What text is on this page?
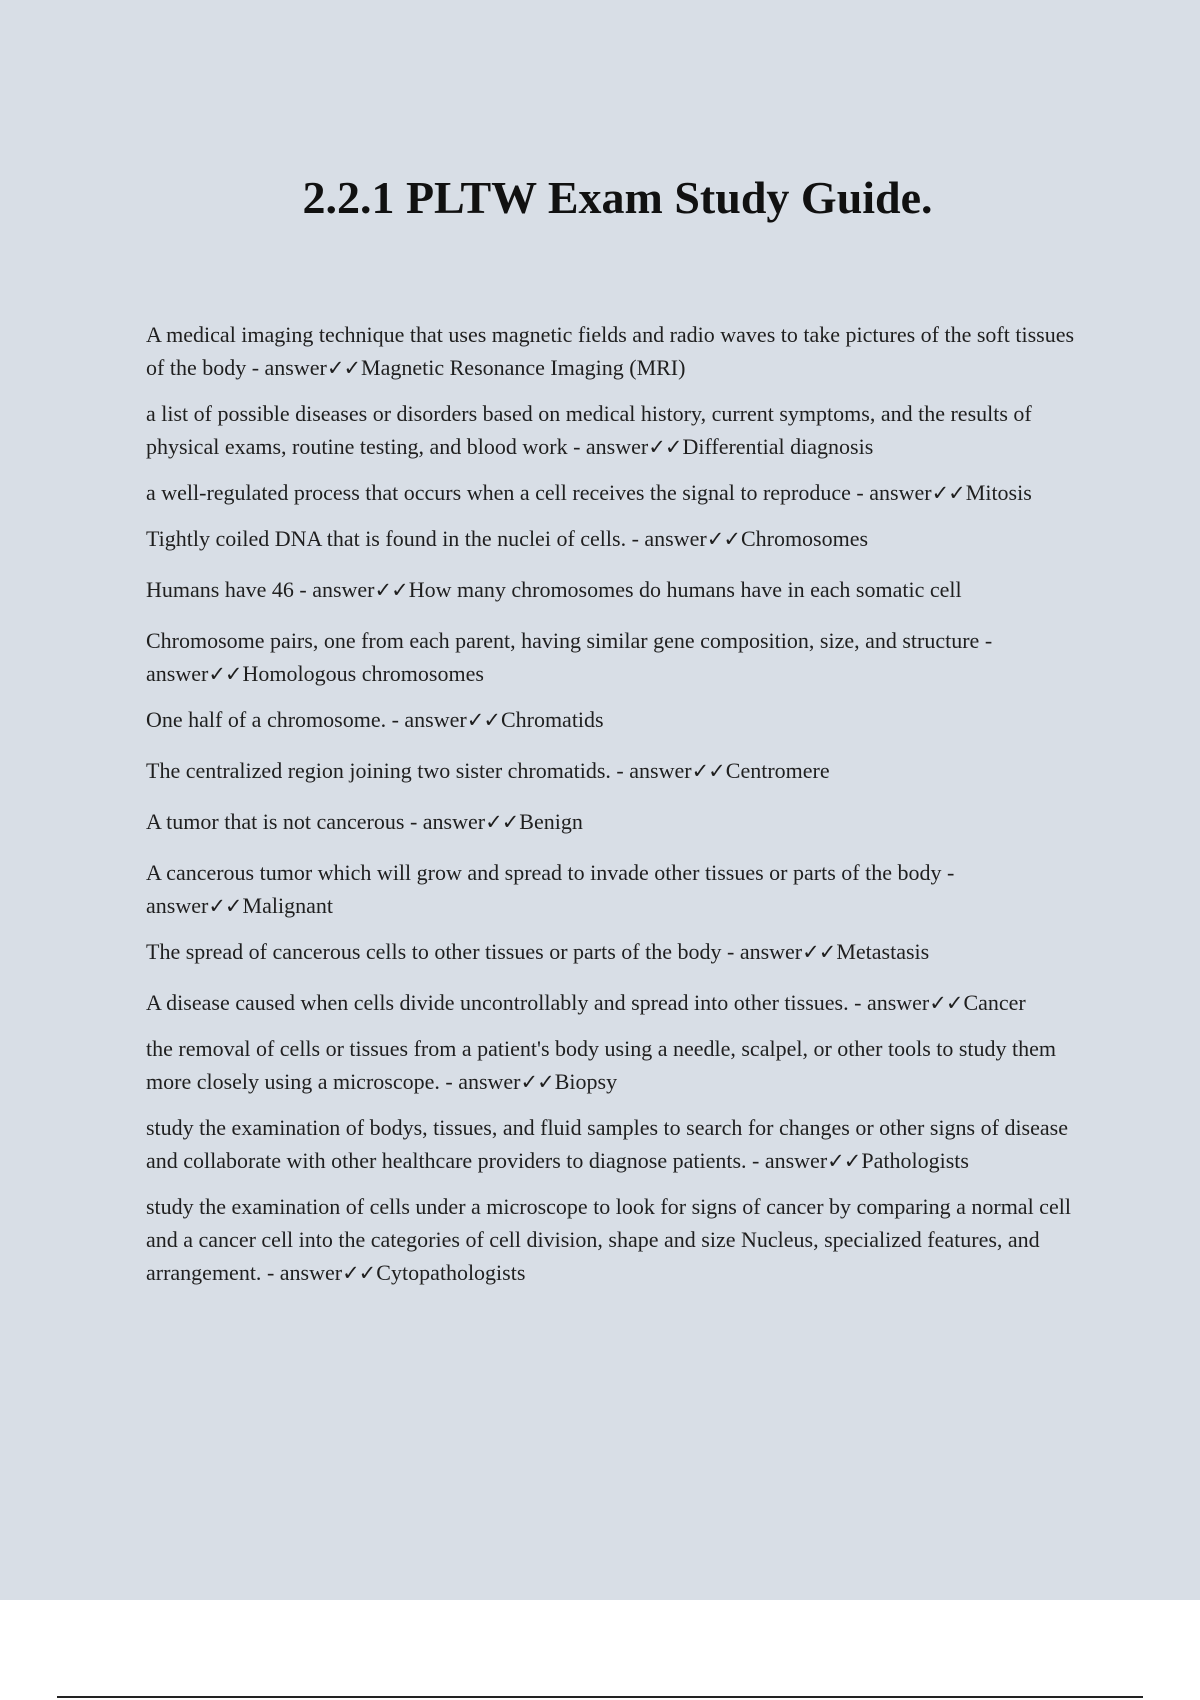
2.2.1 PLTW Exam Study Guide.
A medical imaging technique that uses magnetic fields and radio waves to take pictures of the soft tissues of the body - answer✓✓Magnetic Resonance Imaging (MRI)
a list of possible diseases or disorders based on medical history, current symptoms, and the results of physical exams, routine testing, and blood work - answer✓✓Differential diagnosis
a well-regulated process that occurs when a cell receives the signal to reproduce - answer✓✓Mitosis
Tightly coiled DNA that is found in the nuclei of cells. - answer✓✓Chromosomes
Humans have 46 - answer✓✓How many chromosomes do humans have in each somatic cell
Chromosome pairs, one from each parent, having similar gene composition, size, and structure - answer✓✓Homologous chromosomes
One half of a chromosome. - answer✓✓Chromatids
The centralized region joining two sister chromatids. - answer✓✓Centromere
A tumor that is not cancerous - answer✓✓Benign
A cancerous tumor which will grow and spread to invade other tissues or parts of the body - answer✓✓Malignant
The spread of cancerous cells to other tissues or parts of the body - answer✓✓Metastasis
A disease caused when cells divide uncontrollably and spread into other tissues. - answer✓✓Cancer
the removal of cells or tissues from a patient's body using a needle, scalpel, or other tools to study them more closely using a microscope. - answer✓✓Biopsy
study the examination of bodys, tissues, and fluid samples to search for changes or other signs of disease and collaborate with other healthcare providers to diagnose patients. - answer✓✓Pathologists
study the examination of cells under a microscope to look for signs of cancer by comparing a normal cell and a cancer cell into the categories of cell division, shape and size Nucleus, specialized features, and arrangement. - answer✓✓Cytopathologists
